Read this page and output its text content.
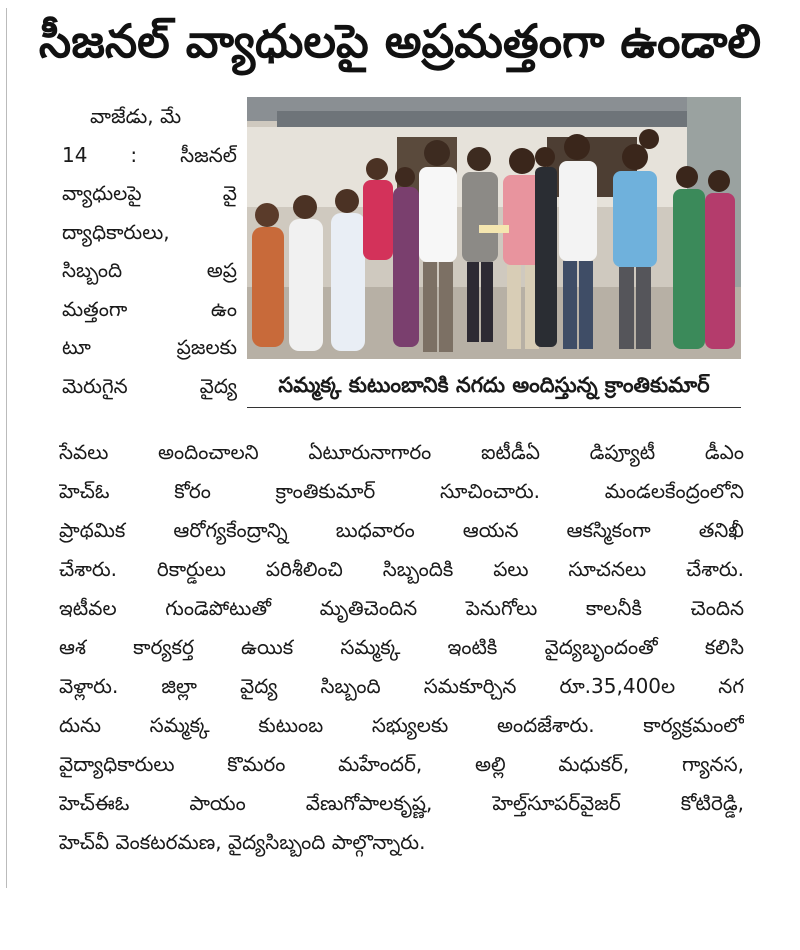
సీజనల్ వ్యాధులపై అప్రమత్తంగా ఉండాలి
సమ్మక్క కుటుంబానికి నగదు అందిస్తున్న క్రాంతికుమార్
వాజేడు, మే
14 : సీజనల్
వ్యాధులపై వై
ద్యాధికారులు,
సిబ్బంది అప్ర
మత్తంగా ఉం
టూ ప్రజలకు
మెరుగైన వైద్య
సేవలు అందించాలని ఏటూరునాగారం ఐటీడీఏ డిప్యూటీ డీఎం
హెచ్ఓ కోరం క్రాంతికుమార్ సూచించారు. మండలకేంద్రంలోని
ప్రాథమిక ఆరోగ్యకేంద్రాన్ని బుధవారం ఆయన ఆకస్మికంగా తనిఖీ
చేశారు. రికార్డులు పరిశీలించి సిబ్బందికి పలు సూచనలు చేశారు.
ఇటీవల గుండెపోటుతో మృతిచెందిన పెనుగోలు కాలనీకి చెందిన
ఆశ కార్యకర్త ఉయిక సమ్మక్క ఇంటికి వైద్యబృందంతో కలిసి
వెళ్లారు. జిల్లా వైద్య సిబ్బంది సమకూర్చిన రూ.35,400ల నగ
దును సమ్మక్క కుటుంబ సభ్యులకు అందజేశారు. కార్యక్రమంలో
వైద్యాధికారులు కొమరం మహేందర్, అల్లి మధుకర్, గ్యానస,
హెచ్ఈఓ పాయం వేణుగోపాలకృష్ణ, హెల్త్‌సూపర్‌వైజర్ కోటిరెడ్డి,
హెచ్‌వీ వెంకటరమణ, వైద్యసిబ్బంది పాల్గొన్నారు.
